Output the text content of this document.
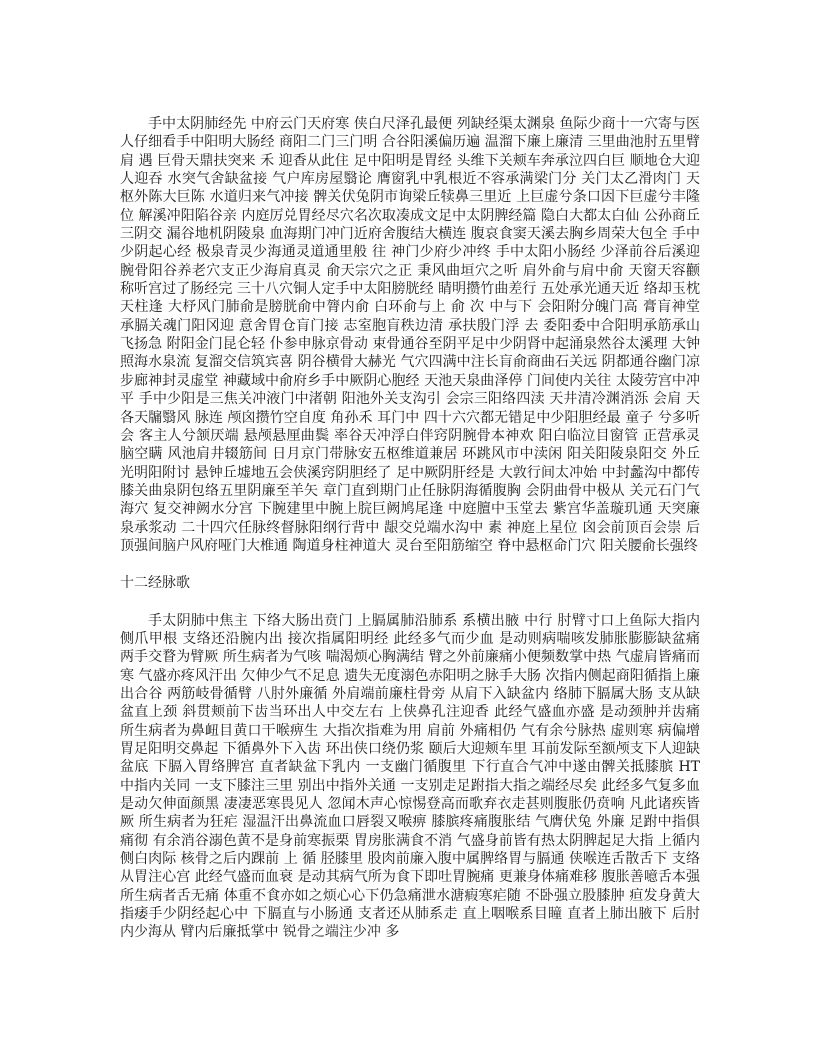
手中太阴肺经先 中府云门天府寒 侠白尺泽孔最便 列缺经渠太渊泉 鱼际少商十一穴寄与医人仔细看手中阳明大肠经 商阳二门三门明 合谷阳溪偏历遍 温溜下廉上廉清 三里曲池肘五里臂 肩 遇 巨骨天鼎扶突来 禾 迎香从此住 足中阳明是胃经 头维下关颊车奔承泣四白巨 顺地仓大迎人迎吞 水突气舍缺盆接 气户库房屋翳论 膺窗乳中乳根近不容承满梁门分 关门太乙滑肉门 天枢外陈大巨陈 水道归来气冲接 髀关伏兔阴市询梁丘犊鼻三里近 上巨虚兮条口因下巨虚兮丰隆位 解溪冲阳陷谷亲 内庭厉兑胃经尽穴名次取凑成文足中太阴脾经篇 隐白大都太白仙 公孙商丘三阴交 漏谷地机阴陵泉 血海期门冲门近府舍腹结大横连 腹哀食窦天溪去胸乡周荣大包全 手中少阴起心经 极泉青灵少海通灵道通里般 往 神门少府少冲终 手中太阳小肠经 少泽前谷后溪迎 腕骨阳谷养老穴支正少海肩真灵 俞天宗穴之正 秉风曲垣穴之听 肩外俞与肩中俞 天窗天容颧 称听宫过了肠经完 三十八穴铜人定手中太阳膀胱经 睛明攒竹曲差行 五处承光通天近 络却玉枕天柱逢 大杼风门肺俞是膀胱俞中膂内俞 白环俞与上 俞 次 中与下 会阳附分魄门高 膏肓神堂 承膈关魂门阳冈迎 意舍胃仓肓门接 志室胞肓秩边清 承扶殷门浮 去 委阳委中合阳明承筋承山飞扬急 附阳金门昆仑轻 仆参申脉京骨动 束骨通谷至阴平足中少阴肾中起涌泉然谷太溪理 大钟照海水泉流 复溜交信筑宾喜 阴谷横骨大赫光 气穴四满中注长肓俞商曲石关远 阴都通谷幽门凉 步廊神封灵虚堂 神藏域中俞府乡手中厥阴心胞经 天池天泉曲泽停 门间使内关往 太陵劳宫中冲平 手中少阳是三焦关冲液门中渚朝 阳池外关支沟引 会宗三阳络四渎 天井清冷渊消泺 会肩 天 各天牖翳风 脉连 颅囟攒竹空自度 角孙禾 耳门中 四十六穴都无错足中少阳胆经最 童子 兮多听会 客主人兮颔厌端 悬颅悬厘曲鬓 率谷天冲浮白伴窍阴腕骨本神欢 阳白临泣目窗管 正营承灵脑空瞒 风池肩井辍筋间 日月京门带脉安五枢维道兼居 环跳风市中渎闲 阳关阳陵泉阳交 外丘光明阳附讨 悬钟丘墟地五会侠溪窍阴胆经了 足中厥阴肝经是 大敦行间太冲始 中封蠡沟中都传 膝关曲泉阴包络五里阴廉至羊矢 章门直到期门止任脉阴海循腹胸 会阴曲骨中极从 关元石门气海穴 复交神阙水分宫 下腕建里中腕上脘巨阙鸠尾逢 中庭膻中玉堂去 紫宫华盖璇玑通 天突廉泉承浆动 二十四穴任脉终督脉阳纲行背中 龈交兑端水沟中 素 神庭上星位 囟会前顶百会崇 后顶强间脑户风府哑门大椎通 陶道身柱神道大 灵台至阳筋缩空 脊中悬枢命门穴 阳关腰俞长强终

十二经脉歌

手太阴肺中焦主 下络大肠出贲门 上膈属肺沿肺系 系横出腋 中行 肘臂寸口上鱼际大指内侧爪甲根 支络还沿腕内出 接次指属阳明经 此经多气而少血 是动则病喘咳发肺胀膨膨缺盆痛 两手交瞀为臂厥 所生病者为气咳 喘渴烦心胸满结 臂之外前廉痛小便频数掌中热 气虚肩皆痛而寒 气盛亦疼风汗出 欠伸少气不足息 遗失无度溺色赤阳明之脉手大肠 次指内侧起商阳循指上廉出合谷 两筋岐骨循臂 八肘外廉循 外肩端前廉柱骨旁 从肩下入缺盆内 络肺下膈属大肠 支从缺盆直上颈 斜贯颊前下齿当环出人中交左右 上侠鼻孔注迎香 此经气盛血亦盛 是动颈肿并齿痛 所生病者为鼻衄目黄口干喉痹生 大指次指难为用 肩前 外痛相仍 气有余兮脉热 虚则寒 病偏增胃足阳明交鼻起 下循鼻外下入齿 环出侠口绕仍浆 颐后大迎颊车里 耳前发际至额颅支下人迎缺盆底 下膈入胃络脾宫 直者缺盆下乳内 一支幽门循腹里 下行直合气冲中遂由髀关抵膝膑 HT 中指内关同 一支下膝注三里 别出中指外关通 一支别走足跗指大指之端经尽矣 此经多气复多血 是动欠伸面颜黑 凄凄恶寒畏见人 忽闻木声心惊惕登高而歌弃衣走甚则腹胀仍贲响 凡此诸疾皆 厥 所生病者为狂疟 湿温汗出鼻流血口唇裂又喉痹 膝膑疼痛腹胀结 气膺伏兔 外廉 足跗中指俱痛彻 有余消谷溺色黄不是身前寒振栗 胃房胀满食不消 气盛身前皆有热太阴脾起足大指 上循内侧白肉际 核骨之后内踝前 上 循 胫膝里 股肉前廉入腹中属脾络胃与膈通 侠喉连舌散舌下 支络从胃注心宫 此经气盛而血衰 是动其病气所为食下即吐胃腕痛 更兼身体痛难移 腹胀善噫舌本强 所生病者舌无痛 体重不食亦如之烦心心下仍急痛泄水溏瘕寒疟随 不卧强立股膝肿 疸发身黄大指痿手少阴经起心中 下膈直与小肠通 支者还从肺系走 直上咽喉系目瞳 直者上肺出腋下 后肘内少海从 臂内后廉抵掌中 锐骨之端注少冲 多
